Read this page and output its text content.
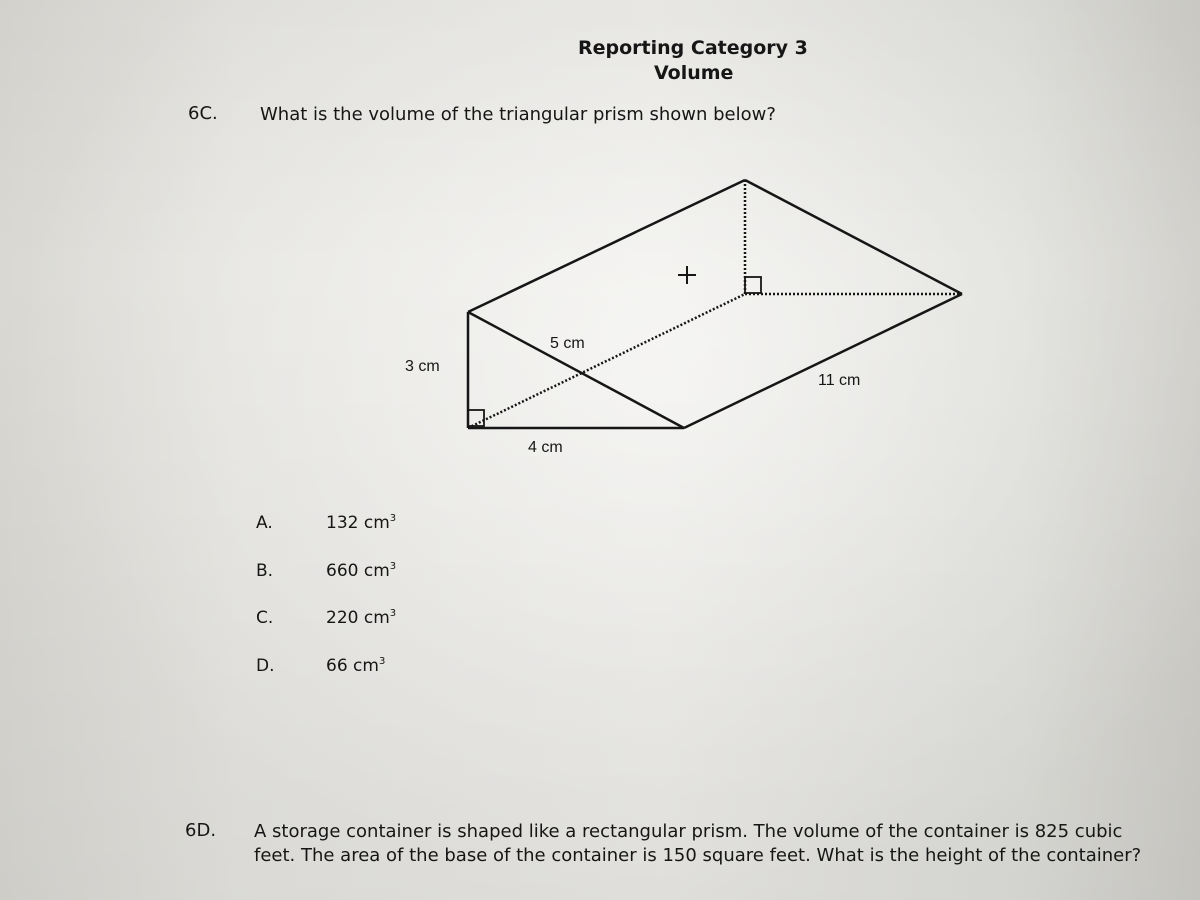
Reporting Category 3
Volume
6C. What is the volume of the triangular prism shown below?
3 cm
5 cm
4 cm
11 cm
A.	132 $cm^3$
B.	660 $cm^3$
C.	220 $cm^3$
D.	66 $cm^3$
6D. A storage container is shaped like a rectangular prism. The volume of the container is 825 cubic feet. The area of the base of the container is 150 square feet. What is the height of the container?
